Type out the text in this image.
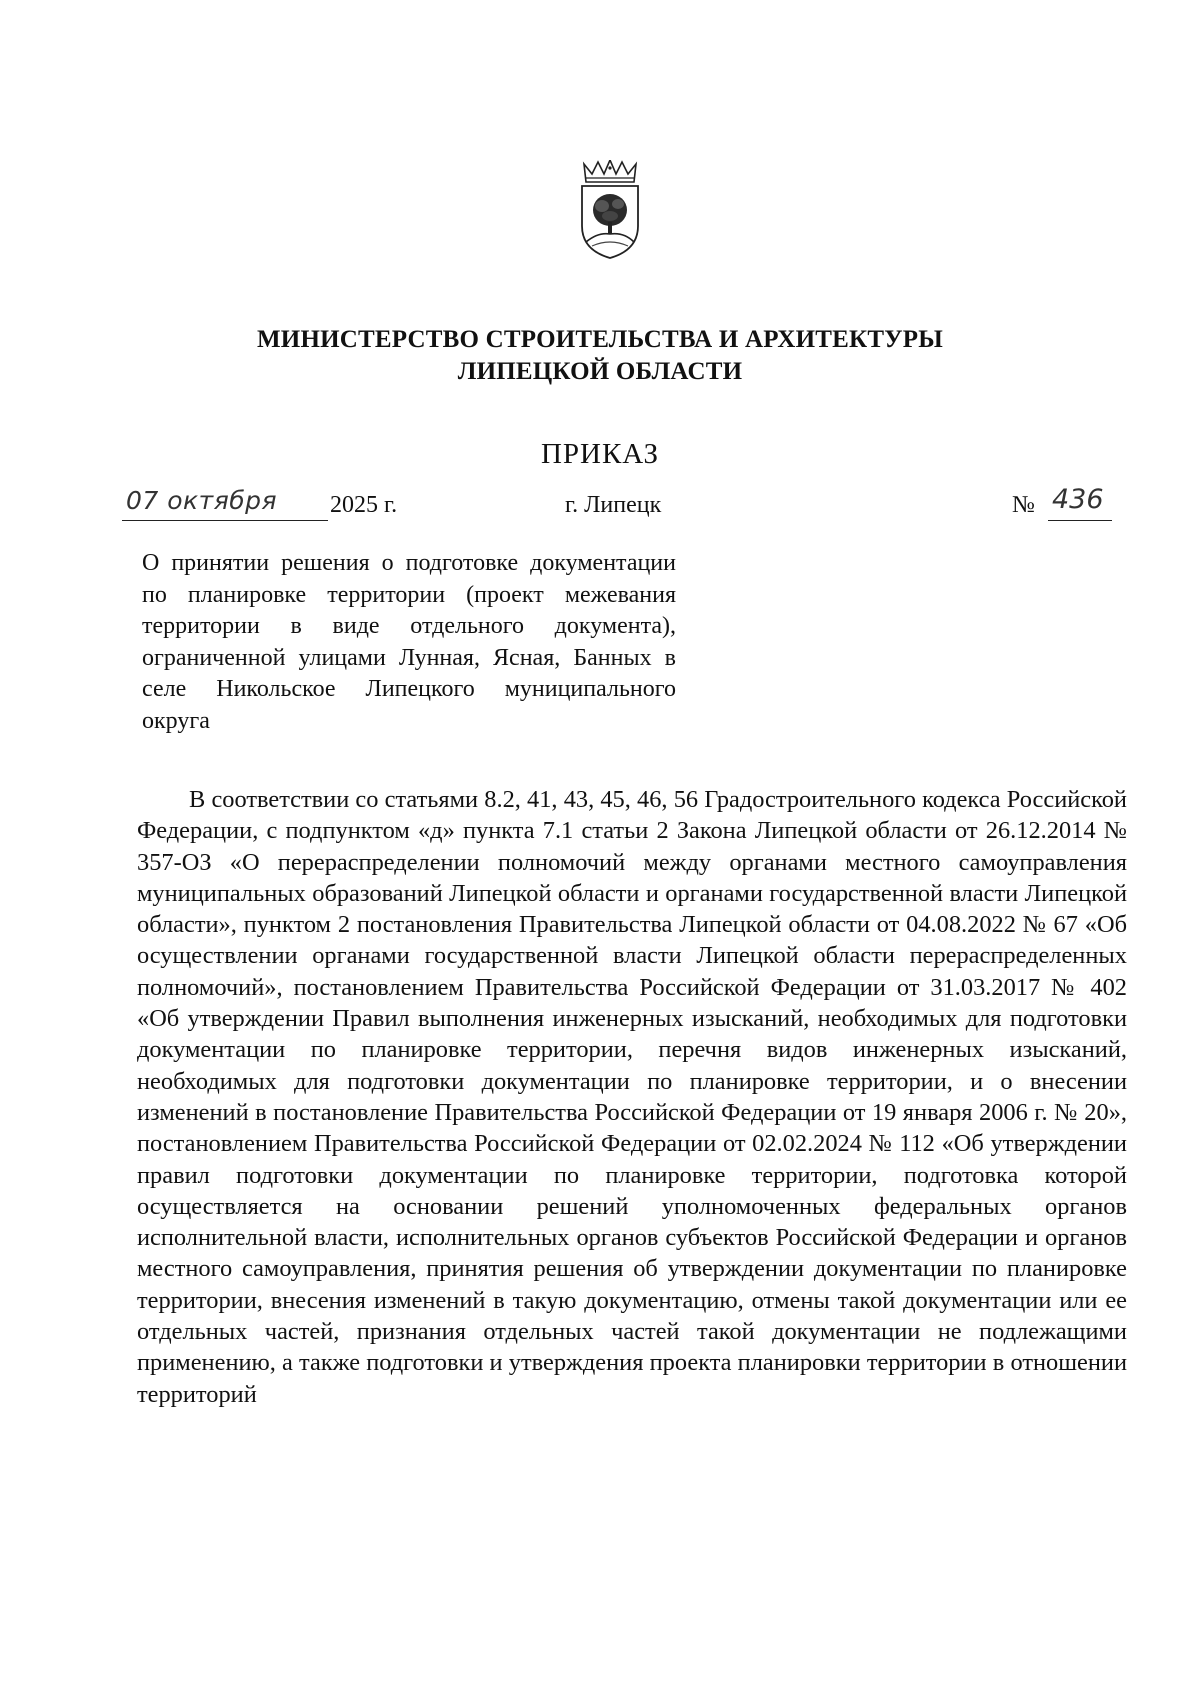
МИНИСТЕРСТВО СТРОИТЕЛЬСТВА И АРХИТЕКТУРЫ
ЛИПЕЦКОЙ ОБЛАСТИ
ПРИКАЗ
07 октября	2025 г.	г. Липецк	№ 436
О принятии решения о подготовке документации по планировке территории (проект межевания территории в виде отдельного документа), ограниченной улицами Лунная, Ясная, Банных в селе Никольское Липецкого муниципального округа
В соответствии со статьями 8.2, 41, 43, 45, 46, 56 Градостроительного кодекса Российской Федерации, с подпунктом «д» пункта 7.1 статьи 2 Закона Липецкой области от 26.12.2014 № 357-ОЗ «О перераспределении полномочий между органами местного самоуправления муниципальных образований Липецкой области и органами государственной власти Липецкой области», пунктом 2 постановления Правительства Липецкой области от 04.08.2022 № 67 «Об осуществлении органами государственной власти Липецкой области перераспределенных полномочий», постановлением Правительства Российской Федерации от 31.03.2017 № 402 «Об утверждении Правил выполнения инженерных изысканий, необходимых для подготовки документации по планировке территории, перечня видов инженерных изысканий, необходимых для подготовки документации по планировке территории, и о внесении изменений в постановление Правительства Российской Федерации от 19 января 2006 г. № 20», постановлением Правительства Российской Федерации от 02.02.2024 № 112 «Об утверждении правил подготовки документации по планировке территории, подготовка которой осуществляется на основании решений уполномоченных федеральных органов исполнительной власти, исполнительных органов субъектов Российской Федерации и органов местного самоуправления, принятия решения об утверждении документации по планировке территории, внесения изменений в такую документацию, отмены такой документации или ее отдельных частей, признания отдельных частей такой документации не подлежащими применению, а также подготовки и утверждения проекта планировки территории в отношении территорий
